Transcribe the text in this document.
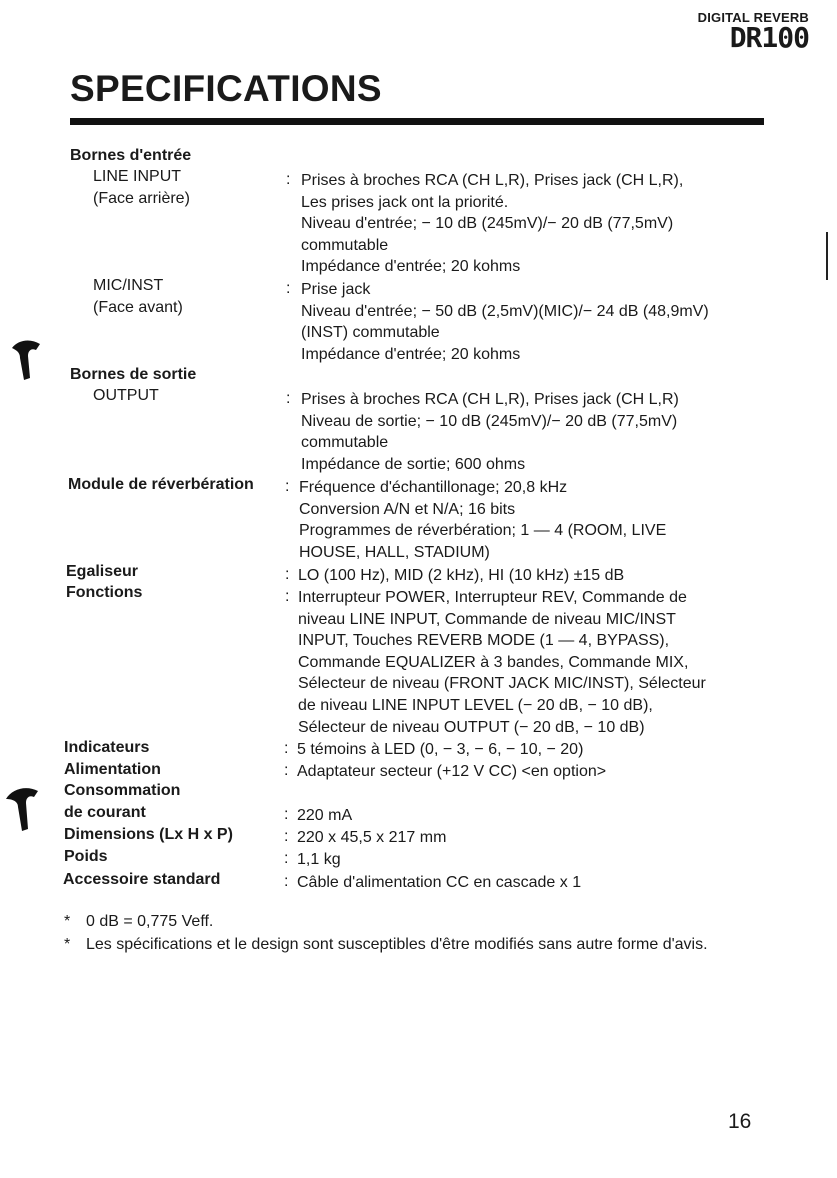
DIGITAL REVERB
DR100
SPECIFICATIONS
Bornes d'entrée
LINE INPUT
(Face arrière)
: Prises à broches RCA (CH L,R), Prises jack (CH L,R),
Les prises jack ont la priorité.
Niveau d'entrée; − 10 dB (245mV)/− 20 dB (77,5mV)
commutable
Impédance d'entrée; 20 kohms
MIC/INST
(Face avant)
: Prise jack
Niveau d'entrée; − 50 dB (2,5mV)(MIC)/− 24 dB (48,9mV)
(INST) commutable
Impédance d'entrée; 20 kohms
Bornes de sortie
OUTPUT	: Prises à broches RCA (CH L,R), Prises jack (CH L,R)
Niveau de sortie; − 10 dB (245mV)/− 20 dB (77,5mV)
commutable
Impédance de sortie; 600 ohms
Module de réverbération : Fréquence d'échantillonage; 20,8 kHz
Conversion A/N et N/A; 16 bits
Programmes de réverbération; 1 — 4 (ROOM, LIVE
HOUSE, HALL, STADIUM)
Egaliseur	: LO (100 Hz), MID (2 kHz), HI (10 kHz) ±15 dB
Fonctions	: Interrupteur POWER, Interrupteur REV, Commande de
niveau LINE INPUT, Commande de niveau MIC/INST
INPUT, Touches REVERB MODE (1 — 4, BYPASS),
Commande EQUALIZER à 3 bandes, Commande MIX,
Sélecteur de niveau (FRONT JACK MIC/INST), Sélecteur
de niveau LINE INPUT LEVEL (− 20 dB, − 10 dB),
Sélecteur de niveau OUTPUT (− 20 dB, − 10 dB)
Indicateurs	: 5 témoins à LED (0, − 3, − 6, − 10, − 20)
Alimentation	: Adaptateur secteur (+12 V CC) <en option>
Consommation
de courant	: 220 mA
Dimensions (Lx H x P)	: 220 x 45,5 x 217 mm
Poids	: 1,1 kg
Accessoire standard	: Câble d'alimentation CC en cascade x 1
* 0 dB = 0,775 Veff.
* Les spécifications et le design sont susceptibles d'être modifiés sans autre forme d'avis.
16
